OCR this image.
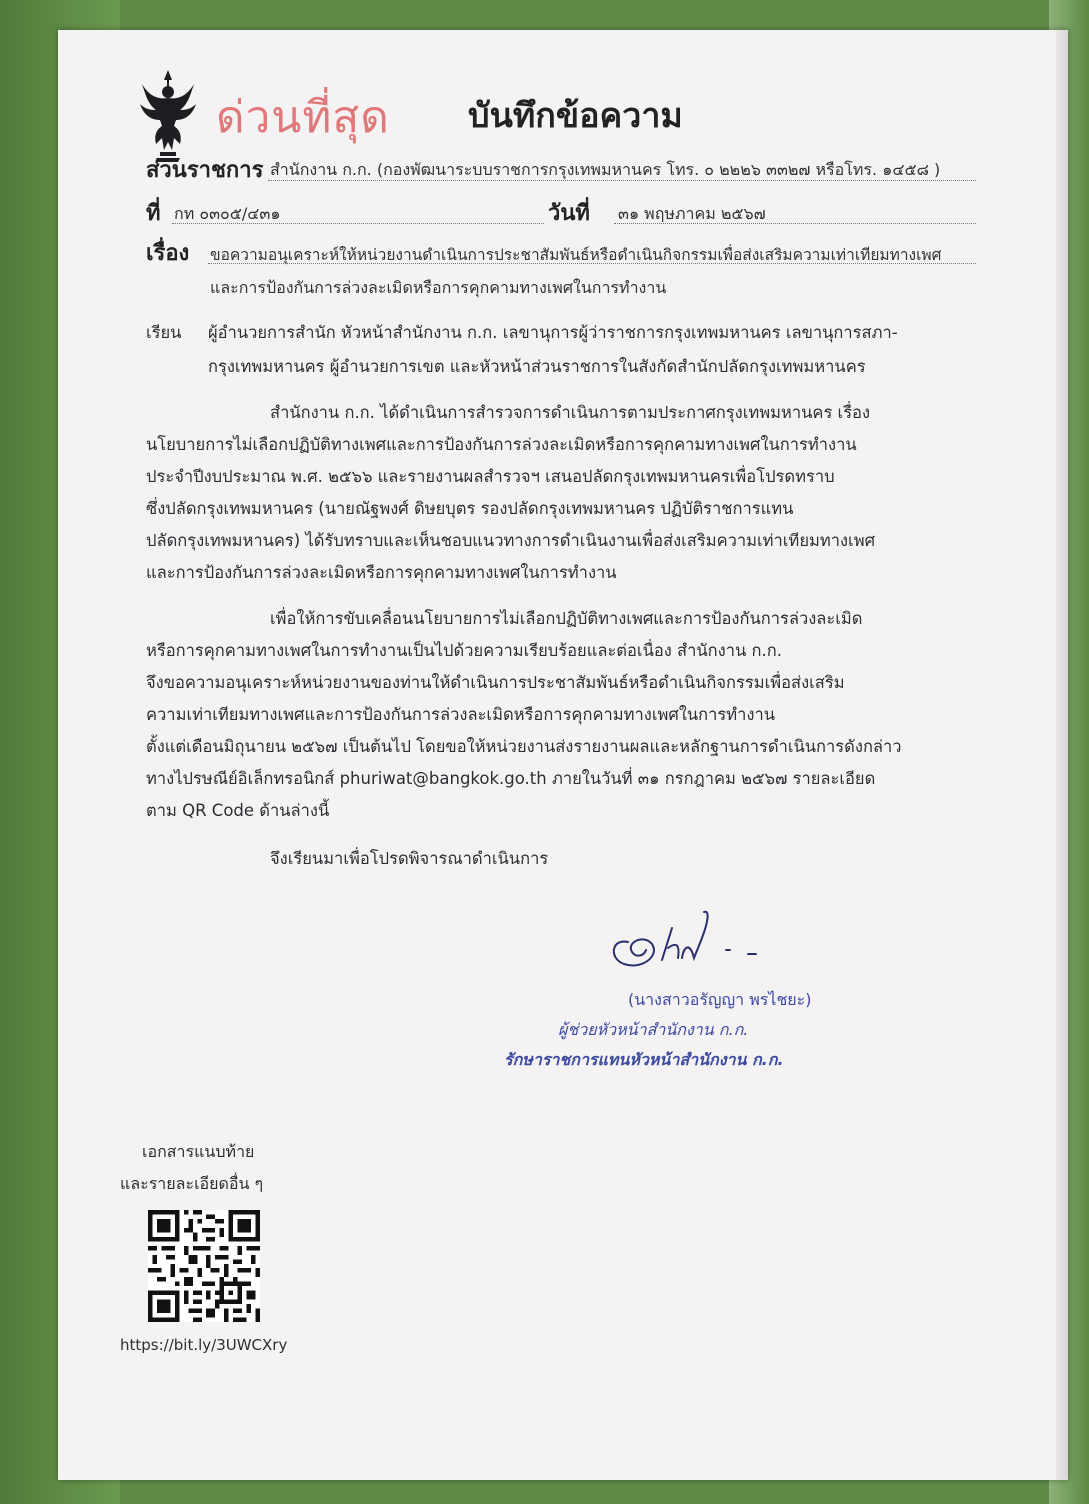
ด่วนที่สุด บันทึกข้อความ
ส่วนราชการ สำนักงาน ก.ก. (กองพัฒนาระบบราชการกรุงเทพมหานคร โทร. ๐ ๒๒๒๖ ๓๓๒๗ หรือโทร. ๑๔๕๘ )
ที่ กท ๐๓๐๕/๔๓๑	วันที่ ๓๑ พฤษภาคม ๒๕๖๗
เรื่อง ขอความอนุเคราะห์ให้หน่วยงานดำเนินการประชาสัมพันธ์หรือดำเนินกิจกรรมเพื่อส่งเสริมความเท่าเทียมทางเพศ
และการป้องกันการล่วงละเมิดหรือการคุกคามทางเพศในการทำงาน
เรียน ผู้อำนวยการสำนัก หัวหน้าสำนักงาน ก.ก. เลขานุการผู้ว่าราชการกรุงเทพมหานคร เลขานุการสภา-
กรุงเทพมหานคร ผู้อำนวยการเขต และหัวหน้าส่วนราชการในสังกัดสำนักปลัดกรุงเทพมหานคร
สำนักงาน ก.ก. ได้ดำเนินการสำรวจการดำเนินการตามประกาศกรุงเทพมหานคร เรื่อง
นโยบายการไม่เลือกปฏิบัติทางเพศและการป้องกันการล่วงละเมิดหรือการคุกคามทางเพศในการทำงาน
ประจำปีงบประมาณ พ.ศ. ๒๕๖๖ และรายงานผลสำรวจฯ เสนอปลัดกรุงเทพมหานครเพื่อโปรดทราบ
ซึ่งปลัดกรุงเทพมหานคร (นายณัฐพงศ์ ดิษยบุตร รองปลัดกรุงเทพมหานคร ปฏิบัติราชการแทน
ปลัดกรุงเทพมหานคร) ได้รับทราบและเห็นชอบแนวทางการดำเนินงานเพื่อส่งเสริมความเท่าเทียมทางเพศ
และการป้องกันการล่วงละเมิดหรือการคุกคามทางเพศในการทำงาน
เพื่อให้การขับเคลื่อนนโยบายการไม่เลือกปฏิบัติทางเพศและการป้องกันการล่วงละเมิด
หรือการคุกคามทางเพศในการทำงานเป็นไปด้วยความเรียบร้อยและต่อเนื่อง สำนักงาน ก.ก.
จึงขอความอนุเคราะห์หน่วยงานของท่านให้ดำเนินการประชาสัมพันธ์หรือดำเนินกิจกรรมเพื่อส่งเสริม
ความเท่าเทียมทางเพศและการป้องกันการล่วงละเมิดหรือการคุกคามทางเพศในการทำงาน
ตั้งแต่เดือนมิถุนายน ๒๕๖๗ เป็นต้นไป โดยขอให้หน่วยงานส่งรายงานผลและหลักฐานการดำเนินการดังกล่าว
ทางไปรษณีย์อิเล็กทรอนิกส์ phuriwat@bangkok.go.th ภายในวันที่ ๓๑ กรกฎาคม ๒๕๖๗ รายละเอียด
ตาม QR Code ด้านล่างนี้
จึงเรียนมาเพื่อโปรดพิจารณาดำเนินการ
(นางสาวอรัญญา พรไชยะ)
ผู้ช่วยหัวหน้าสำนักงาน ก.ก.
รักษาราชการแทนหัวหน้าสำนักงาน ก.ก.
เอกสารแนบท้าย
และรายละเอียดอื่น ๆ
https://bit.ly/3UWCXry
